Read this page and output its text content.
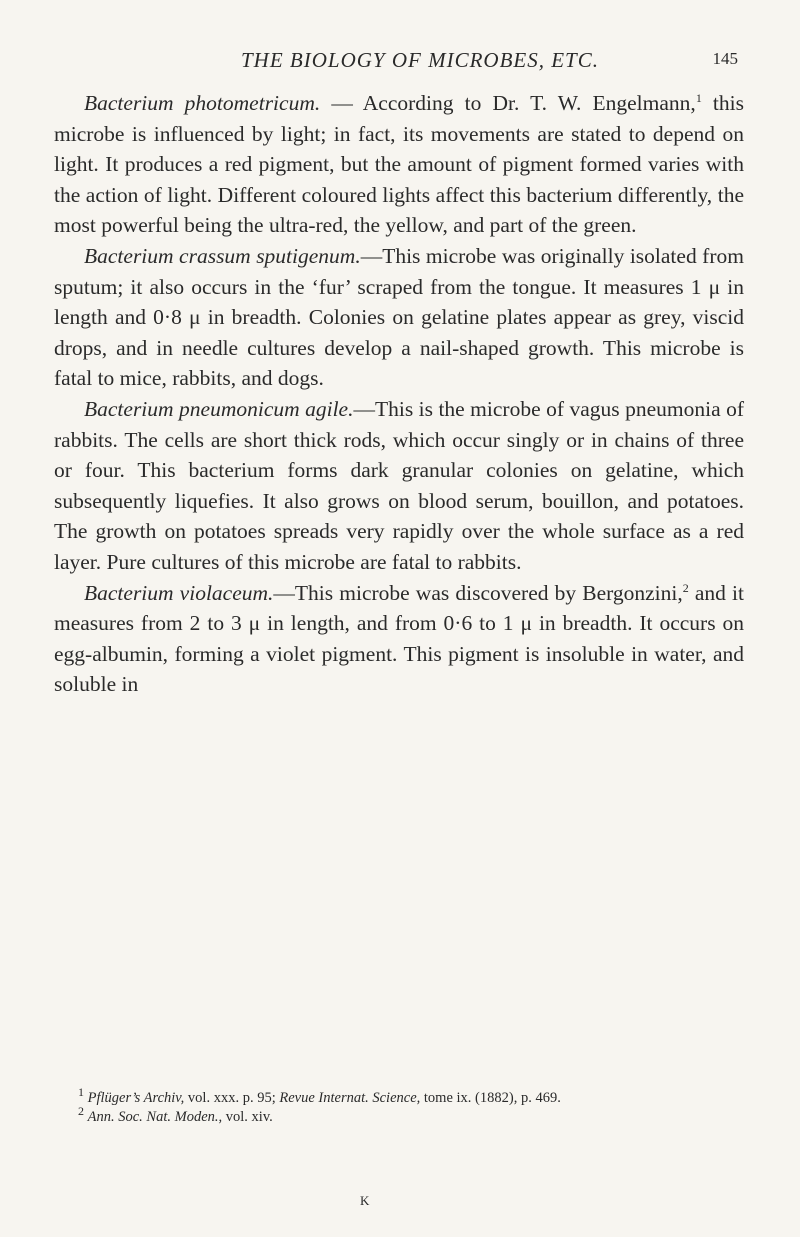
THE BIOLOGY OF MICROBES, ETC.	145

Bacterium photometricum. — According to Dr. T. W. Engelmann,$^1$ this microbe is influenced by light; in fact, its movements are stated to depend on light. It produces a red pigment, but the amount of pigment formed varies with the action of light. Different coloured lights affect this bacterium differently, the most powerful being the ultra-red, the yellow, and part of the green.

Bacterium crassum sputigenum.—This microbe was originally isolated from sputum; it also occurs in the ‘fur’ scraped from the tongue. It measures 1 μ in length and 0·8 μ in breadth. Colonies on gelatine plates appear as grey, viscid drops, and in needle cultures develop a nail-shaped growth. This microbe is fatal to mice, rabbits, and dogs.

Bacterium pneumonicum agile.—This is the microbe of vagus pneumonia of rabbits. The cells are short thick rods, which occur singly or in chains of three or four. This bacterium forms dark granular colonies on gelatine, which subsequently liquefies. It also grows on blood serum, bouillon, and potatoes. The growth on potatoes spreads very rapidly over the whole surface as a red layer. Pure cultures of this microbe are fatal to rabbits.

Bacterium violaceum.—This microbe was discovered by Bergonzini,$^2$ and it measures from 2 to 3 μ in length, and from 0·6 to 1 μ in breadth. It occurs on egg-albumin, forming a violet pigment. This pigment is insoluble in water, and soluble in

$^1$ Pflüger’s Archiv, vol. xxx. p. 95; Revue Internat. Science, tome ix. (1882), p. 469.

$^2$ Ann. Soc. Nat. Moden., vol. xiv.

K
